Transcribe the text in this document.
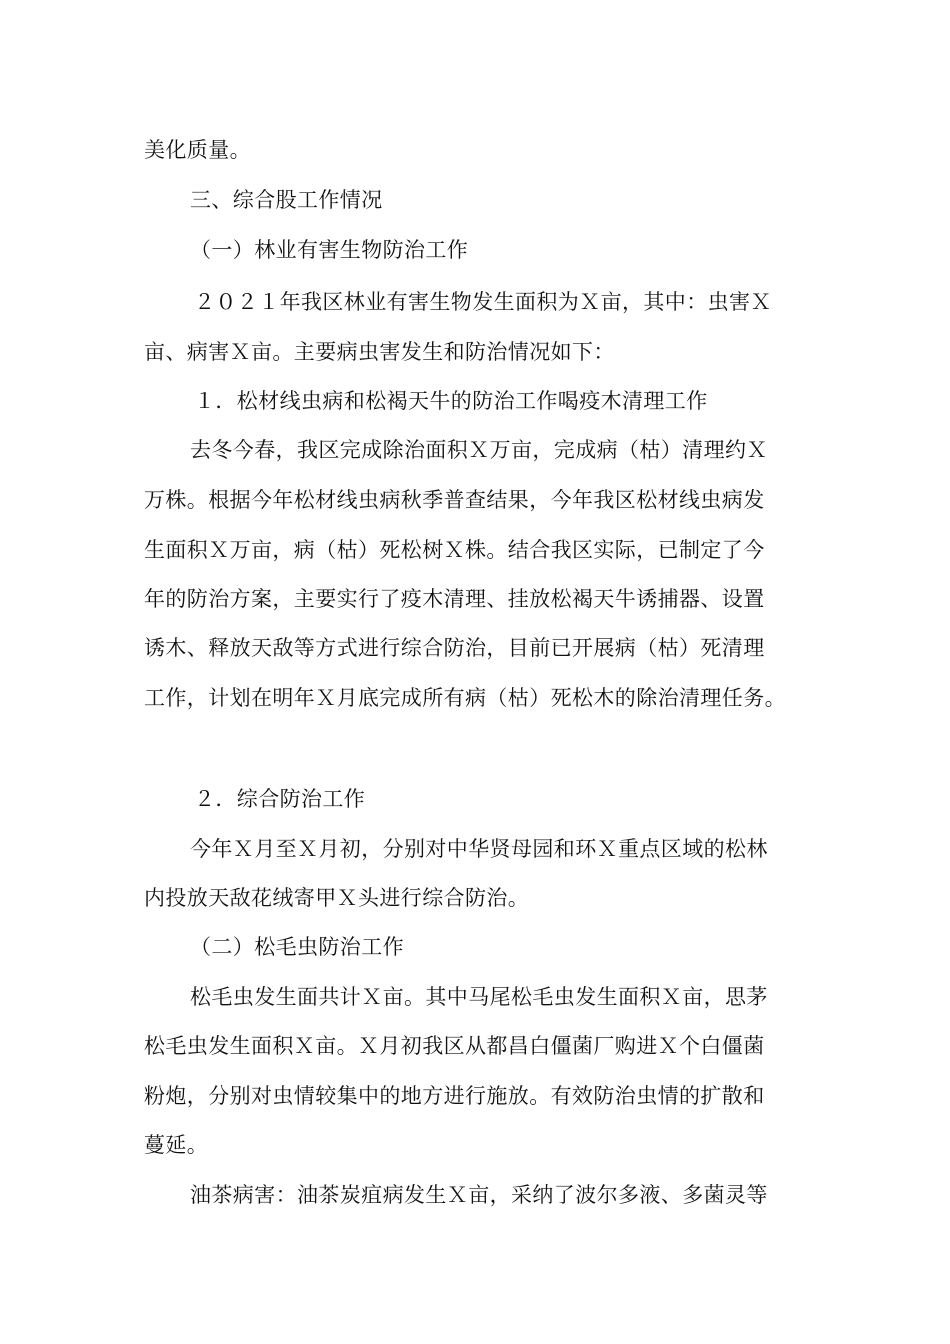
美化质量。
三、综合股工作情况
（一）林业有害生物防治工作
２０２１年我区林业有害生物发生面积为Ｘ亩，其中：虫害Ｘ
亩、病害Ｘ亩。主要病虫害发生和防治情况如下：
１．松材线虫病和松褐天牛的防治工作喝疫木清理工作
去冬今春，我区完成除治面积Ｘ万亩，完成病（枯）清理约Ｘ
万株。根据今年松材线虫病秋季普查结果，今年我区松材线虫病发
生面积Ｘ万亩，病（枯）死松树Ｘ株。结合我区实际，已制定了今
年的防治方案，主要实行了疫木清理、挂放松褐天牛诱捕器、设置
诱木、释放天敌等方式进行综合防治，目前已开展病（枯）死清理
工作，计划在明年Ｘ月底完成所有病（枯）死松木的除治清理任务。
２．综合防治工作
今年Ｘ月至Ｘ月初，分别对中华贤母园和环Ｘ重点区域的松林
内投放天敌花绒寄甲Ｘ头进行综合防治。
（二）松毛虫防治工作
松毛虫发生面共计Ｘ亩。其中马尾松毛虫发生面积Ｘ亩，思茅
松毛虫发生面积Ｘ亩。Ｘ月初我区从都昌白僵菌厂购进Ｘ个白僵菌
粉炮，分别对虫情较集中的地方进行施放。有效防治虫情的扩散和
蔓延。
油茶病害：油茶炭疽病发生Ｘ亩，采纳了波尔多液、多菌灵等
